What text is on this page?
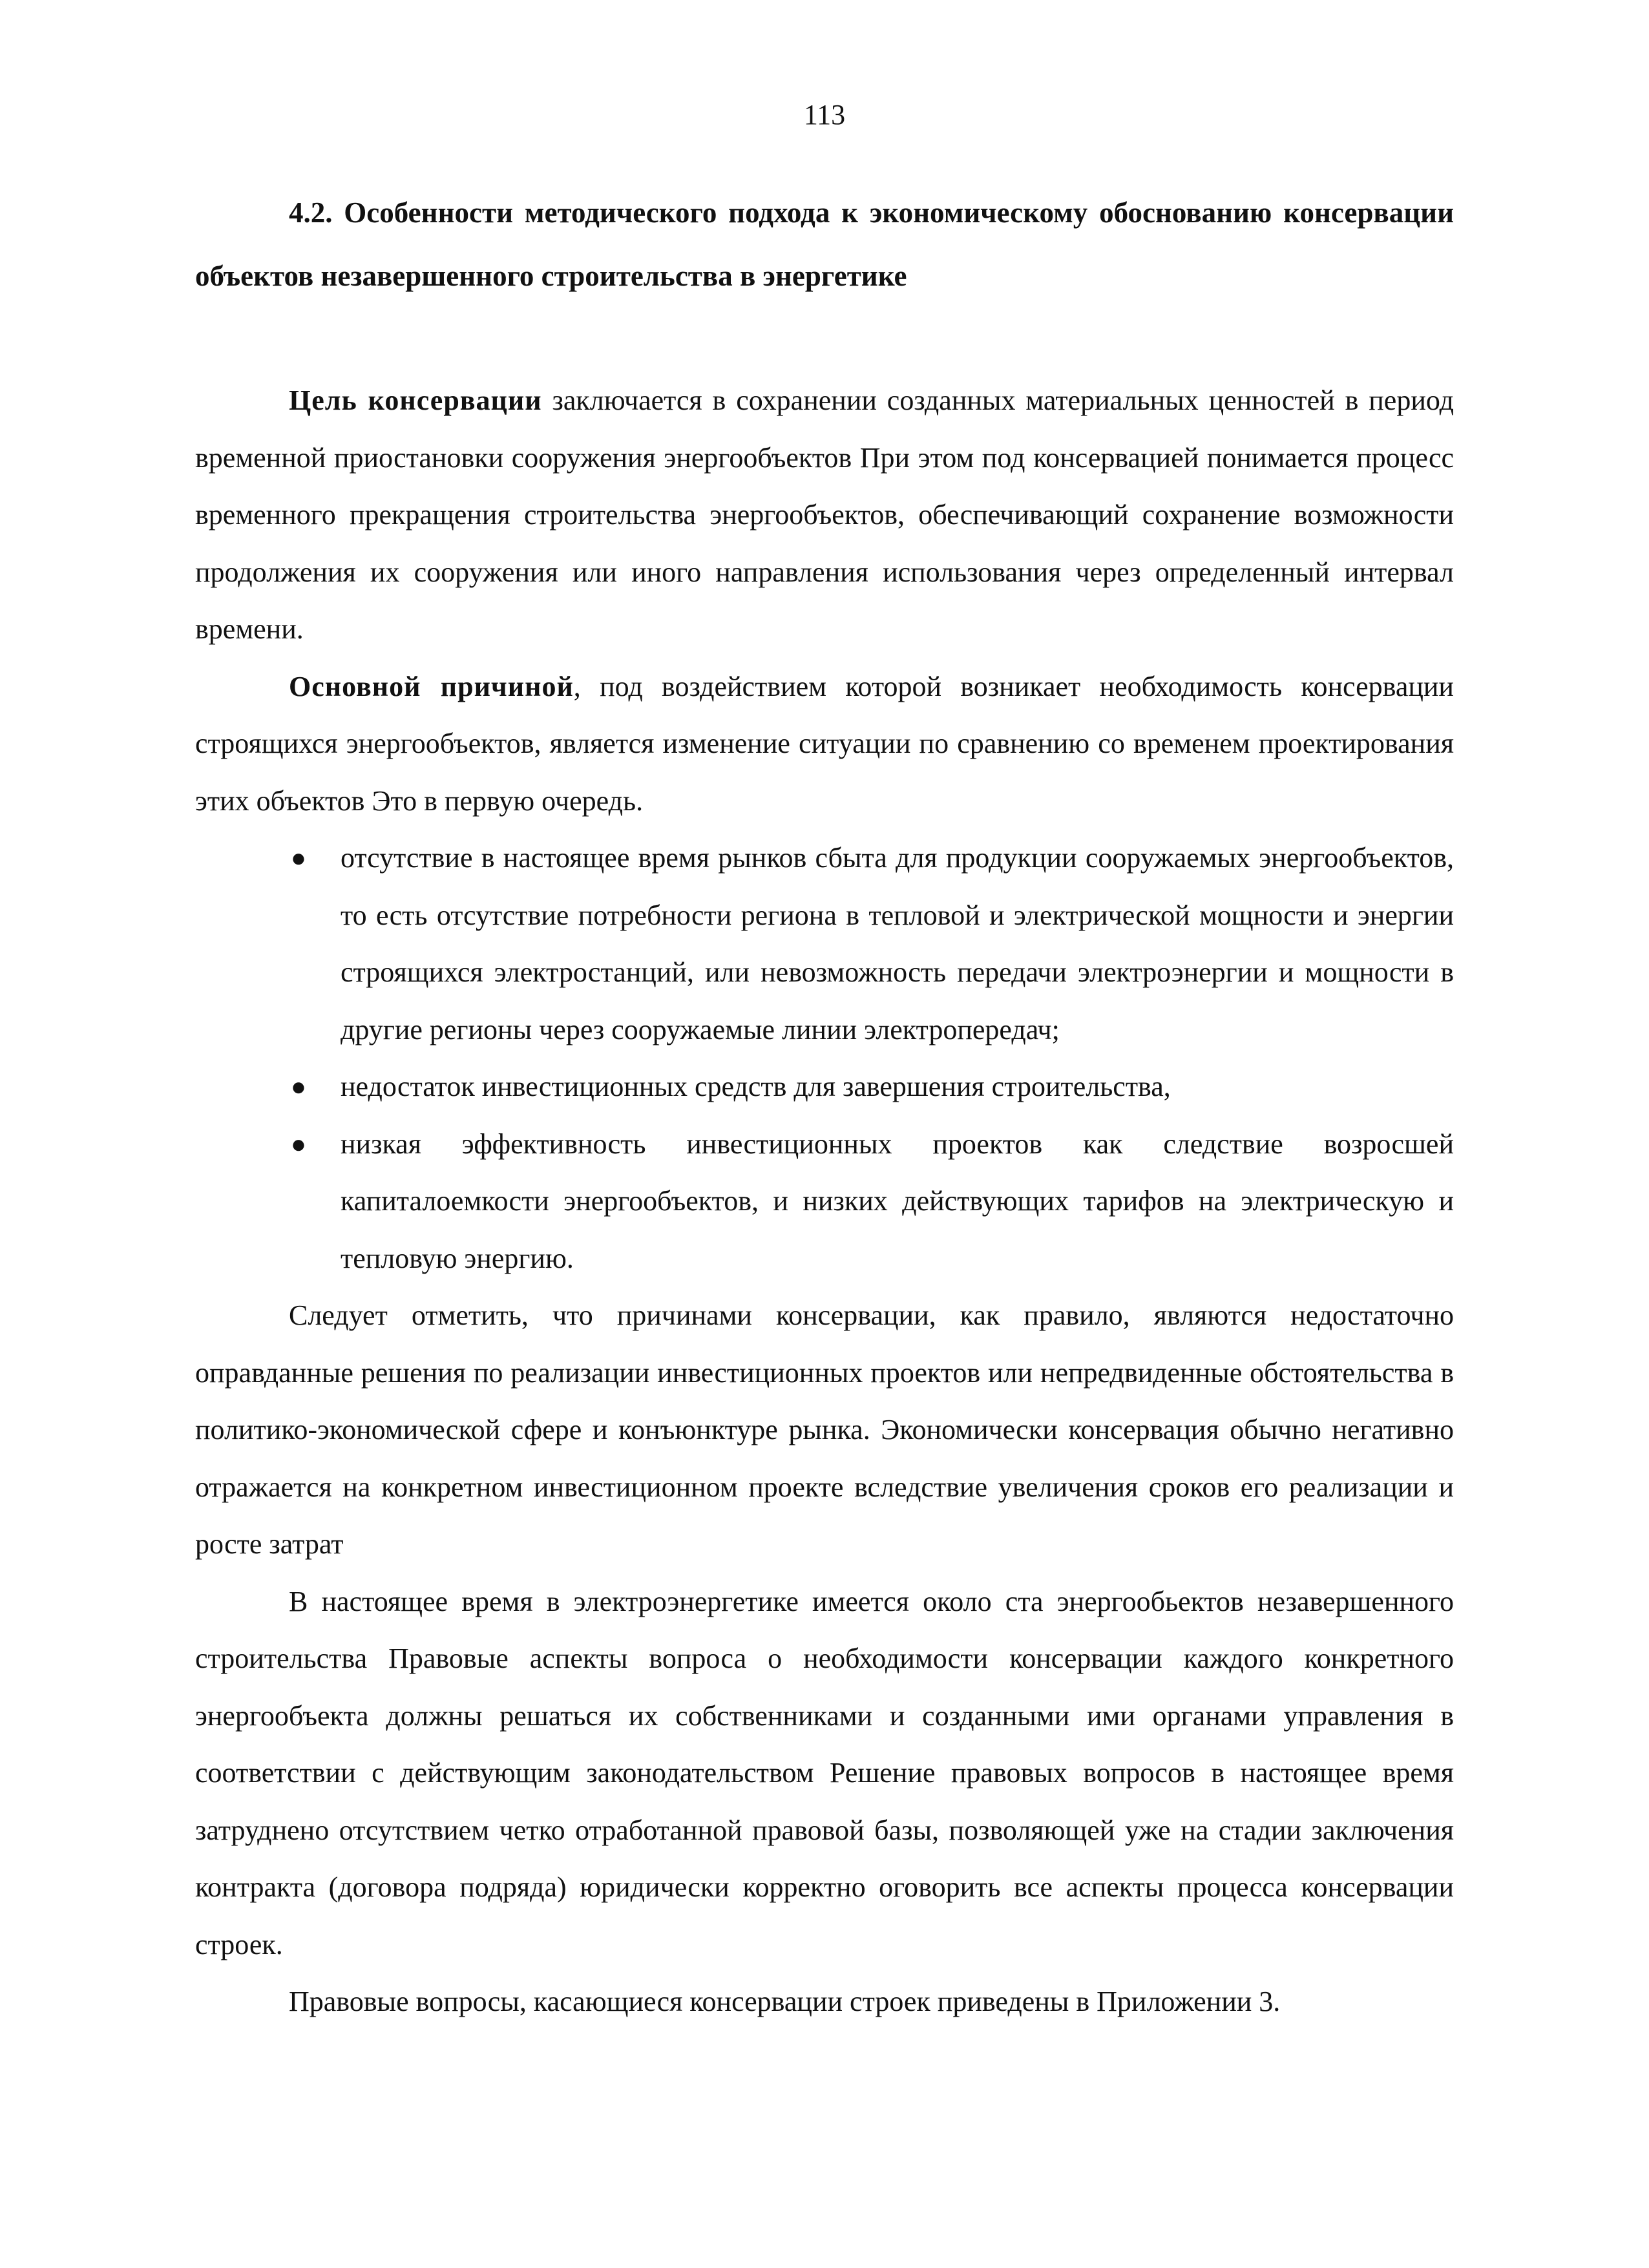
113

4.2. Особенности методического подхода к экономическому обоснованию консервации объектов незавершенного строительства в энергетике

Цель консервации заключается в сохранении созданных материальных ценностей в период временной приостановки сооружения энергообъектов При этом под консервацией понимается процесс временного прекращения строительства энергообъектов, обеспечивающий сохранение возможности продолжения их сооружения или иного направления использования через определенный интервал времени.

Основной причиной, под воздействием которой возникает необходимость консервации строящихся энергообъектов, является изменение ситуации по сравнению со временем проектирования этих объектов Это в первую очередь.

● отсутствие в настоящее время рынков сбыта для продукции сооружаемых энергообъектов, то есть отсутствие потребности региона в тепловой и электрической мощности и энергии строящихся электростанций, или невозможность передачи электроэнергии и мощности в другие регионы через сооружаемые линии электропередач;
● недостаток инвестиционных средств для завершения строительства,
● низкая эффективность инвестиционных проектов как следствие возросшей капиталоемкости энергообъектов, и низких действующих тарифов на электрическую и тепловую энергию.

Следует отметить, что причинами консервации, как правило, являются недостаточно оправданные решения по реализации инвестиционных проектов или непредвиденные обстоятельства в политико-экономической сфере и конъюнктуре рынка. Экономически консервация обычно негативно отражается на конкретном инвестиционном проекте вследствие увеличения сроков его реализации и росте затрат

В настоящее время в электроэнергетике имеется около ста энергообьектов незавершенного строительства Правовые аспекты вопроса о необходимости консервации каждого конкретного энергообъекта должны решаться их собственниками и созданными ими органами управления в соответствии с действующим законодательством Решение правовых вопросов в настоящее время затруднено отсутствием четко отработанной правовой базы, позволяющей уже на стадии заключения контракта (договора подряда) юридически корректно оговорить все аспекты процесса консервации строек.

Правовые вопросы, касающиеся консервации строек приведены в Приложении 3.
